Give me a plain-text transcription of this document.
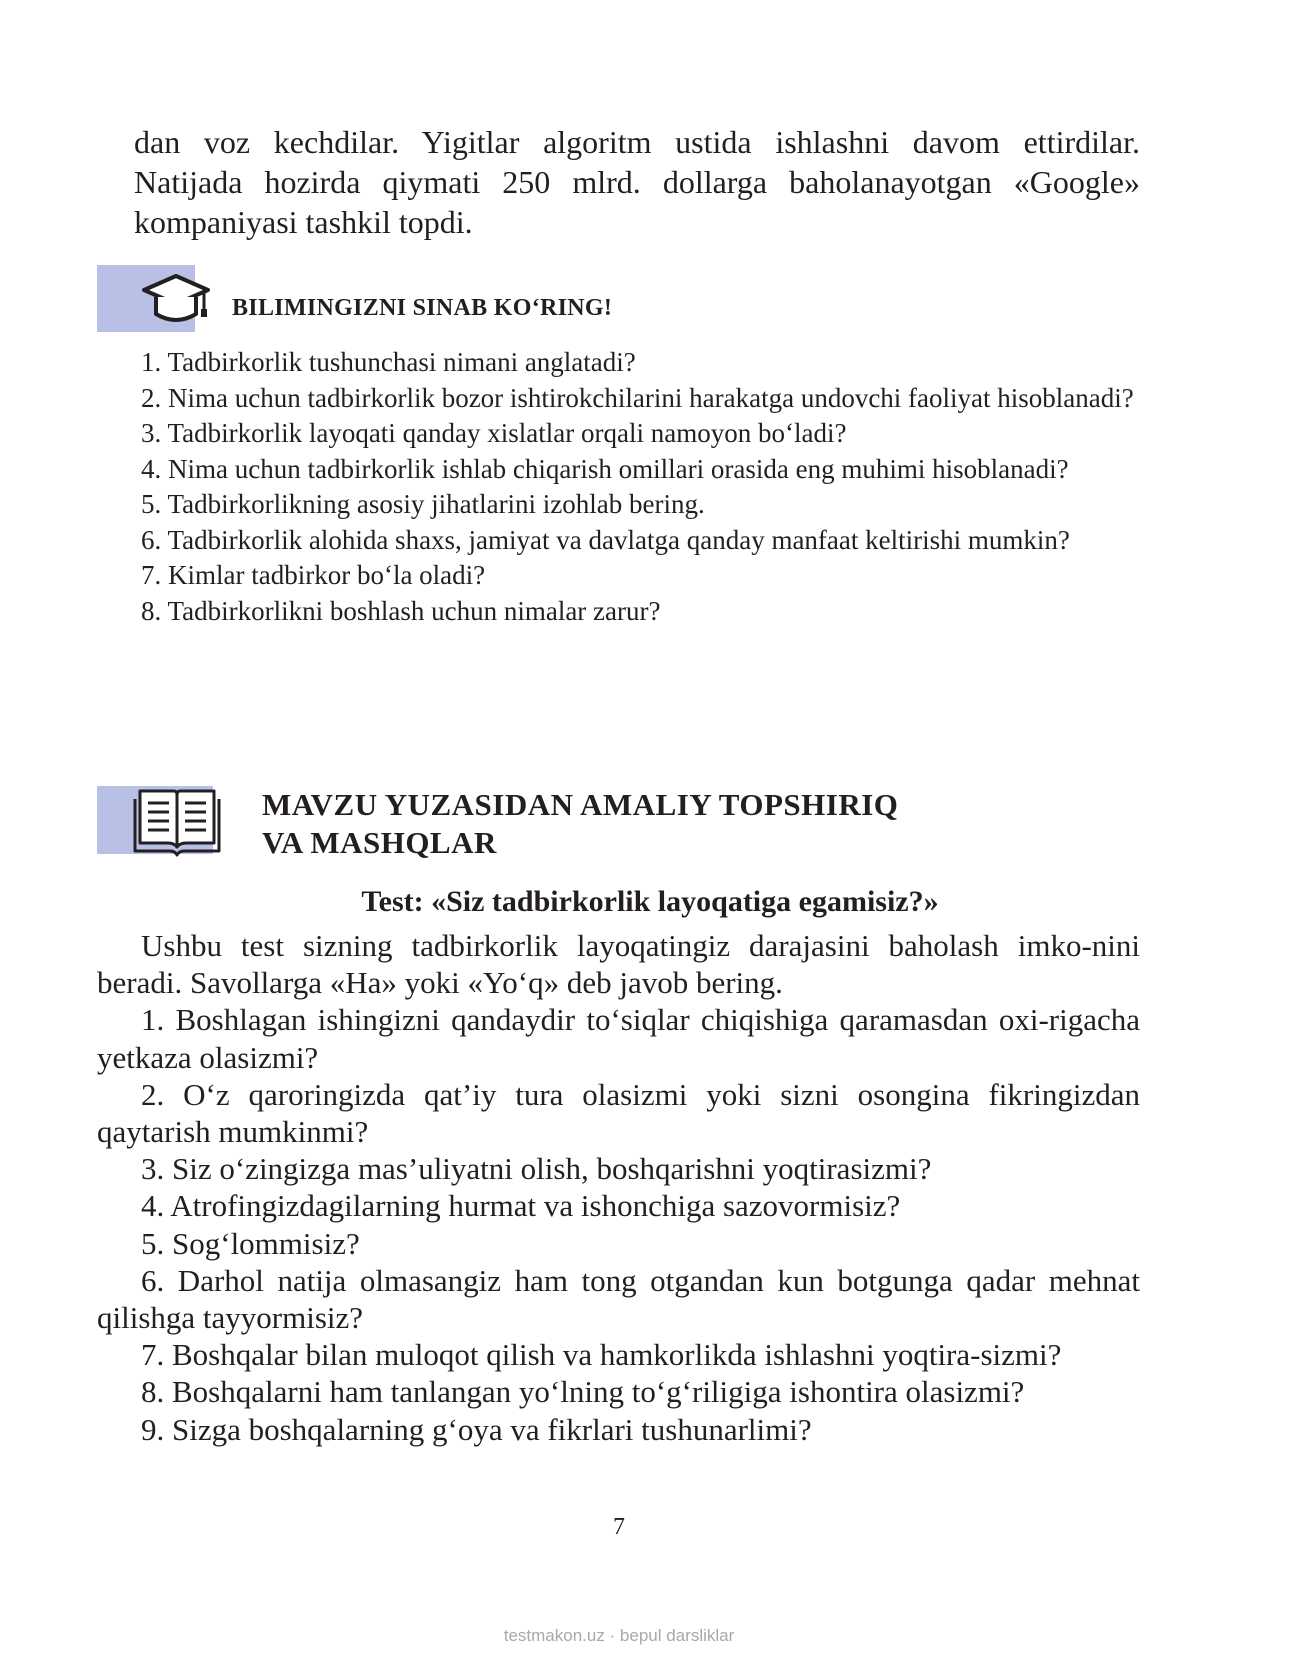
dan voz kechdilar. Yigitlar algoritm ustida ishlashni davom ettirdilar.

Natijada hozirda qiymati 250 mlrd. dollarga baholanayotgan «Google»

kompaniyasi tashkil topdi.

BILIMINGIZNI SINAB KO‘RING!

1. Tadbirkorlik tushunchasi nimani anglatadi?

2. Nima uchun tadbirkorlik bozor ishtirokchilarini harakatga undovchi faoliyat hisoblanadi?

3. Tadbirkorlik layoqati qanday xislatlar orqali namoyon bo‘ladi?

4. Nima uchun tadbirkorlik ishlab chiqarish omillari orasida eng muhimi hisoblanadi?

5. Tadbirkorlikning asosiy jihatlarini izohlab bering.

6. Tadbirkorlik alohida shaxs, jamiyat va davlatga qanday manfaat keltirishi mumkin?

7. Kimlar tadbirkor bo‘la oladi?

8. Tadbirkorlikni boshlash uchun nimalar zarur?

MAVZU YUZASIDAN AMALIY TOPSHIRIQ
VA MASHQLAR
Test: «Siz tadbirkorlik layoqatiga egamisiz?»

Ushbu test sizning tadbirkorlik layoqatingiz darajasini baholash imko-nini beradi. Savollarga «Ha» yoki «Yo‘q» deb javob bering.

1. Boshlagan ishingizni qandaydir to‘siqlar chiqishiga qaramasdan oxi-rigacha yetkaza olasizmi?

2. O‘z qaroringizda qat’iy tura olasizmi yoki sizni osongina fikringizdan qaytarish mumkinmi?

3. Siz o‘zingizga mas’uliyatni olish, boshqarishni yoqtirasizmi?

4. Atrofingizdagilarning hurmat va ishonchiga sazovormisiz?

5. Sog‘lommisiz?

6. Darhol natija olmasangiz ham tong otgandan kun botgunga qadar mehnat qilishga tayyormisiz?

7. Boshqalar bilan muloqot qilish va hamkorlikda ishlashni yoqtira-sizmi?

8. Boshqalarni ham tanlangan yo‘lning to‘g‘riligiga ishontira olasizmi?

9. Sizga boshqalarning g‘oya va fikrlari tushunarlimi?

7
testmakon.uz · bepul darsliklar
